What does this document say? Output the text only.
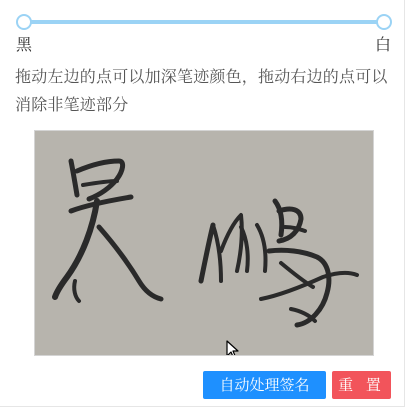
黑	白
拖动左边的点可以加深笔迹颜色，拖动右边的点可以消除非笔迹部分
自动处理签名	重 置
